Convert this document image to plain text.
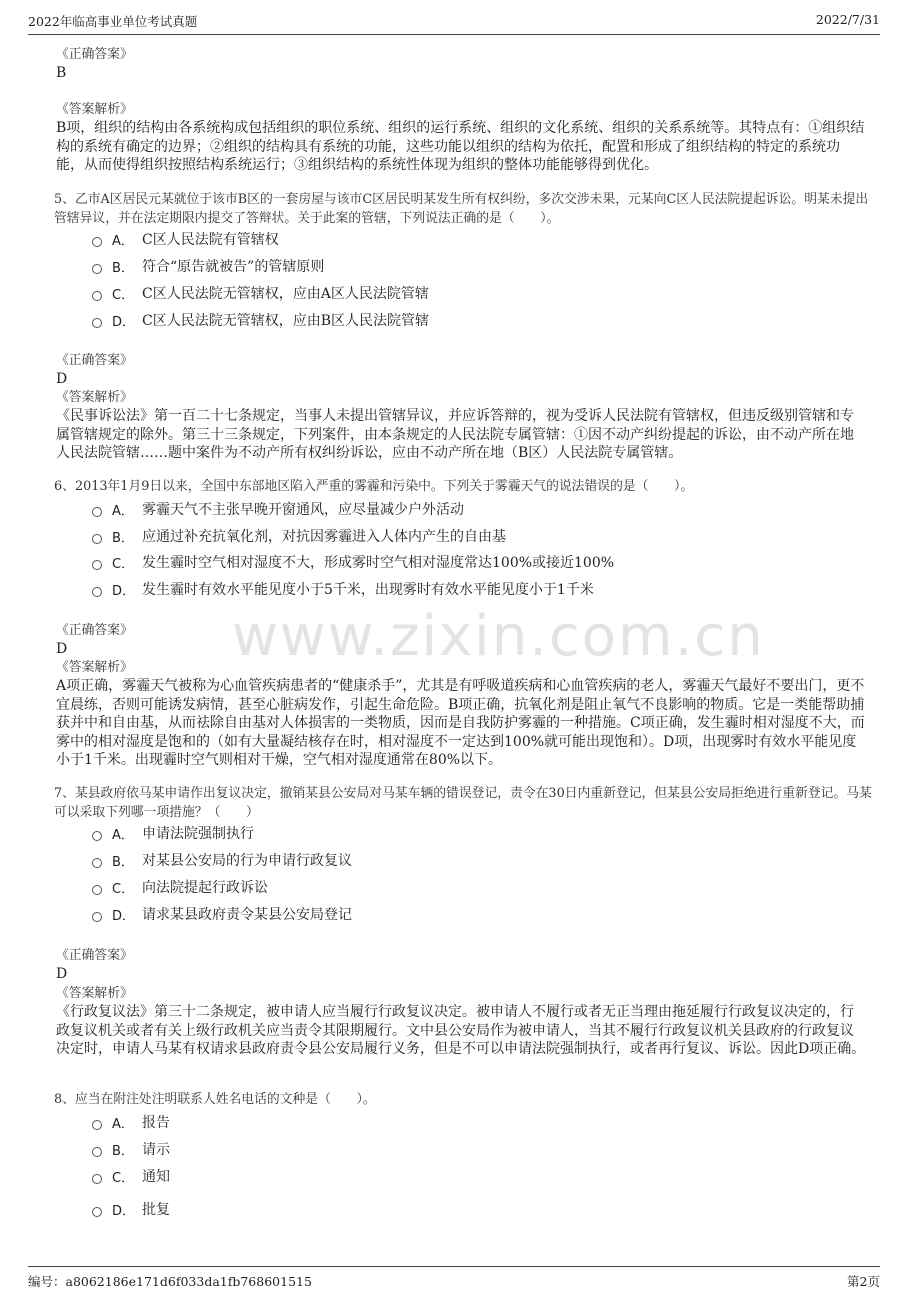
2022年临高事业单位考试真题	2022/7/31
www.zixin.com.cn
《正确答案》
B
《答案解析》
B项，组织的结构由各系统构成包括组织的职位系统、组织的运行系统、组织的文化系统、组织的关系系统等。其特点有：①组织结构的系统有确定的边界；②组织的结构具有系统的功能，这些功能以组织的结构为依托，配置和形成了组织结构的特定的系统功能，从而使得组织按照结构系统运行；③组织结构的系统性体现为组织的整体功能能够得到优化。
5、乙市A区居民元某就位于该市B区的一套房屋与该市C区居民明某发生所有权纠纷，多次交涉未果，元某向C区人民法院提起诉讼。明某未提出管辖异议，并在法定期限内提交了答辩状。关于此案的管辖，下列说法正确的是（　　）。
A． C区人民法院有管辖权
B． 符合“原告就被告”的管辖原则
C． C区人民法院无管辖权，应由A区人民法院管辖
D． C区人民法院无管辖权，应由B区人民法院管辖
《正确答案》
D
《答案解析》
《民事诉讼法》第一百二十七条规定，当事人未提出管辖异议，并应诉答辩的，视为受诉人民法院有管辖权，但违反级别管辖和专属管辖规定的除外。第三十三条规定，下列案件，由本条规定的人民法院专属管辖：①因不动产纠纷提起的诉讼，由不动产所在地人民法院管辖……题中案件为不动产所有权纠纷诉讼，应由不动产所在地（B区）人民法院专属管辖。
6、2013年1月9日以来，全国中东部地区陷入严重的雾霾和污染中。下列关于雾霾天气的说法错误的是（　　）。
A． 雾霾天气不主张早晚开窗通风，应尽量减少户外活动
B． 应通过补充抗氧化剂，对抗因雾霾进入人体内产生的自由基
C． 发生霾时空气相对湿度不大，形成雾时空气相对湿度常达100%或接近100%
D． 发生霾时有效水平能见度小于5千米，出现雾时有效水平能见度小于1千米
《正确答案》
D
《答案解析》
A项正确，雾霾天气被称为心血管疾病患者的“健康杀手”，尤其是有呼吸道疾病和心血管疾病的老人，雾霾天气最好不要出门，更不宜晨练，否则可能诱发病情，甚至心脏病发作，引起生命危险。B项正确，抗氧化剂是阻止氧气不良影响的物质。它是一类能帮助捕获并中和自由基，从而祛除自由基对人体损害的一类物质，因而是自我防护雾霾的一种措施。C项正确，发生霾时相对湿度不大，而雾中的相对湿度是饱和的（如有大量凝结核存在时，相对湿度不一定达到100%就可能出现饱和）。D项，出现雾时有效水平能见度小于1千米。出现霾时空气则相对干燥，空气相对湿度通常在80%以下。
7、某县政府依马某申请作出复议决定，撤销某县公安局对马某车辆的错误登记，责令在30日内重新登记，但某县公安局拒绝进行重新登记。马某可以采取下列哪一项措施？（　　）
A． 申请法院强制执行
B． 对某县公安局的行为申请行政复议
C． 向法院提起行政诉讼
D． 请求某县政府责令某县公安局登记
《正确答案》
D
《答案解析》
《行政复议法》第三十二条规定，被申请人应当履行行政复议决定。被申请人不履行或者无正当理由拖延履行行政复议决定的，行政复议机关或者有关上级行政机关应当责令其限期履行。文中县公安局作为被申请人，当其不履行行政复议机关县政府的行政复议决定时，申请人马某有权请求县政府责令县公安局履行义务，但是不可以申请法院强制执行，或者再行复议、诉讼。因此D项正确。
8、应当在附注处注明联系人姓名电话的文种是（　　）。
A． 报告
B． 请示
C． 通知
D． 批复
编号：a8062186e171d6f033da1fb768601515	第2页
